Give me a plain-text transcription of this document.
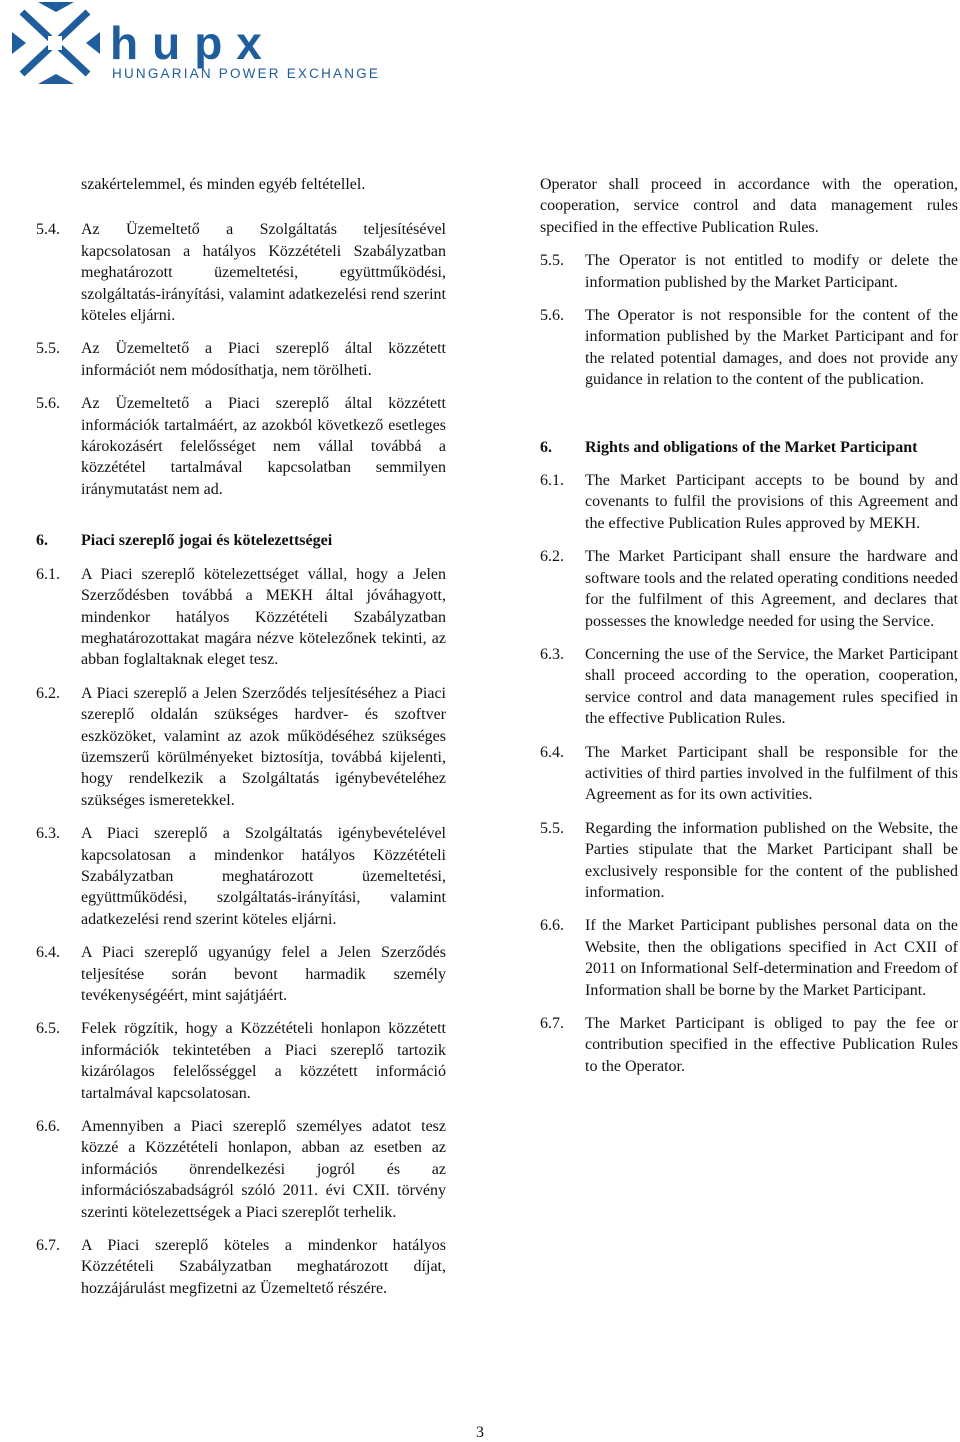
hupx

HUNGARIAN POWER EXCHANGE

szakértelemmel, és minden egyéb feltétellel.

5.4.	Az Üzemeltető a Szolgáltatás teljesítésével kapcsolatosan a hatályos Közzétételi Szabályzatban meghatározott üzemeltetési, együttműködési, szolgáltatás-irányítási, valamint adatkezelési rend szerint köteles eljárni.

5.5.	Az Üzemeltető a Piaci szereplő által közzétett információt nem módosíthatja, nem törölheti.

5.6.	Az Üzemeltető a Piaci szereplő által közzétett információk tartalmáért, az azokból következő esetleges károkozásért felelősséget nem vállal továbbá a közzététel tartalmával kapcsolatban semmilyen iránymutatást nem ad.

6.	Piaci szereplő jogai és kötelezettségei
6.1.	A Piaci szereplő kötelezettséget vállal, hogy a Jelen Szerződésben továbbá a MEKH által jóváhagyott, mindenkor hatályos Közzétételi Szabályzatban meghatározottakat magára nézve kötelezőnek tekinti, az abban foglaltaknak eleget tesz.

6.2.	A Piaci szereplő a Jelen Szerződés teljesítéséhez a Piaci szereplő oldalán szükséges hardver- és szoftver eszközöket, valamint az azok működéséhez szükséges üzemszerű körülményeket biztosítja, továbbá kijelenti, hogy rendelkezik a Szolgáltatás igénybevételéhez szükséges ismeretekkel.

6.3.	A Piaci szereplő a Szolgáltatás igénybevételével kapcsolatosan a mindenkor hatályos Közzétételi Szabályzatban meghatározott üzemeltetési, együttműködési, szolgáltatás-irányítási, valamint adatkezelési rend szerint köteles eljárni.

6.4.	A Piaci szereplő ugyanúgy felel a Jelen Szerződés teljesítése során bevont harmadik személy tevékenységéért, mint sajátjáért.

6.5.	Felek rögzítik, hogy a Közzétételi honlapon közzétett információk tekintetében a Piaci szereplő tartozik kizárólagos felelősséggel a közzétett információ tartalmával kapcsolatosan.

6.6.	Amennyiben a Piaci szereplő személyes adatot tesz közzé a Közzétételi honlapon, abban az esetben az információs önrendelkezési jogról és az információszabadságról szóló 2011. évi CXII. törvény szerinti kötelezettségek a Piaci szereplőt terhelik.

6.7.	A Piaci szereplő köteles a mindenkor hatályos Közzétételi Szabályzatban meghatározott díjat, hozzájárulást megfizetni az Üzemeltető részére.

Operator shall proceed in accordance with the operation, cooperation, service control and data management rules specified in the effective Publication Rules.

5.5.	The Operator is not entitled to modify or delete the information published by the Market Participant.

5.6.	The Operator is not responsible for the content of the information published by the Market Participant and for the related potential damages, and does not provide any guidance in relation to the content of the publication.

6.	Rights and obligations of the Market Participant
6.1.	The Market Participant accepts to be bound by and covenants to fulfil the provisions of this Agreement and the effective Publication Rules approved by MEKH.

6.2.	The Market Participant shall ensure the hardware and software tools and the related operating conditions needed for the fulfilment of this Agreement, and declares that possesses the knowledge needed for using the Service.

6.3.	Concerning the use of the Service, the Market Participant shall proceed according to the operation, cooperation, service control and data management rules specified in the effective Publication Rules.

6.4.	The Market Participant shall be responsible for the activities of third parties involved in the fulfilment of this Agreement as for its own activities.

5.5.	Regarding the information published on the Website, the Parties stipulate that the Market Participant shall be exclusively responsible for the content of the published information.

6.6.	If the Market Participant publishes personal data on the Website, then the obligations specified in Act CXII of 2011 on Informational Self-determination and Freedom of Information shall be borne by the Market Participant.

6.7.	The Market Participant is obliged to pay the fee or contribution specified in the effective Publication Rules to the Operator.

3
